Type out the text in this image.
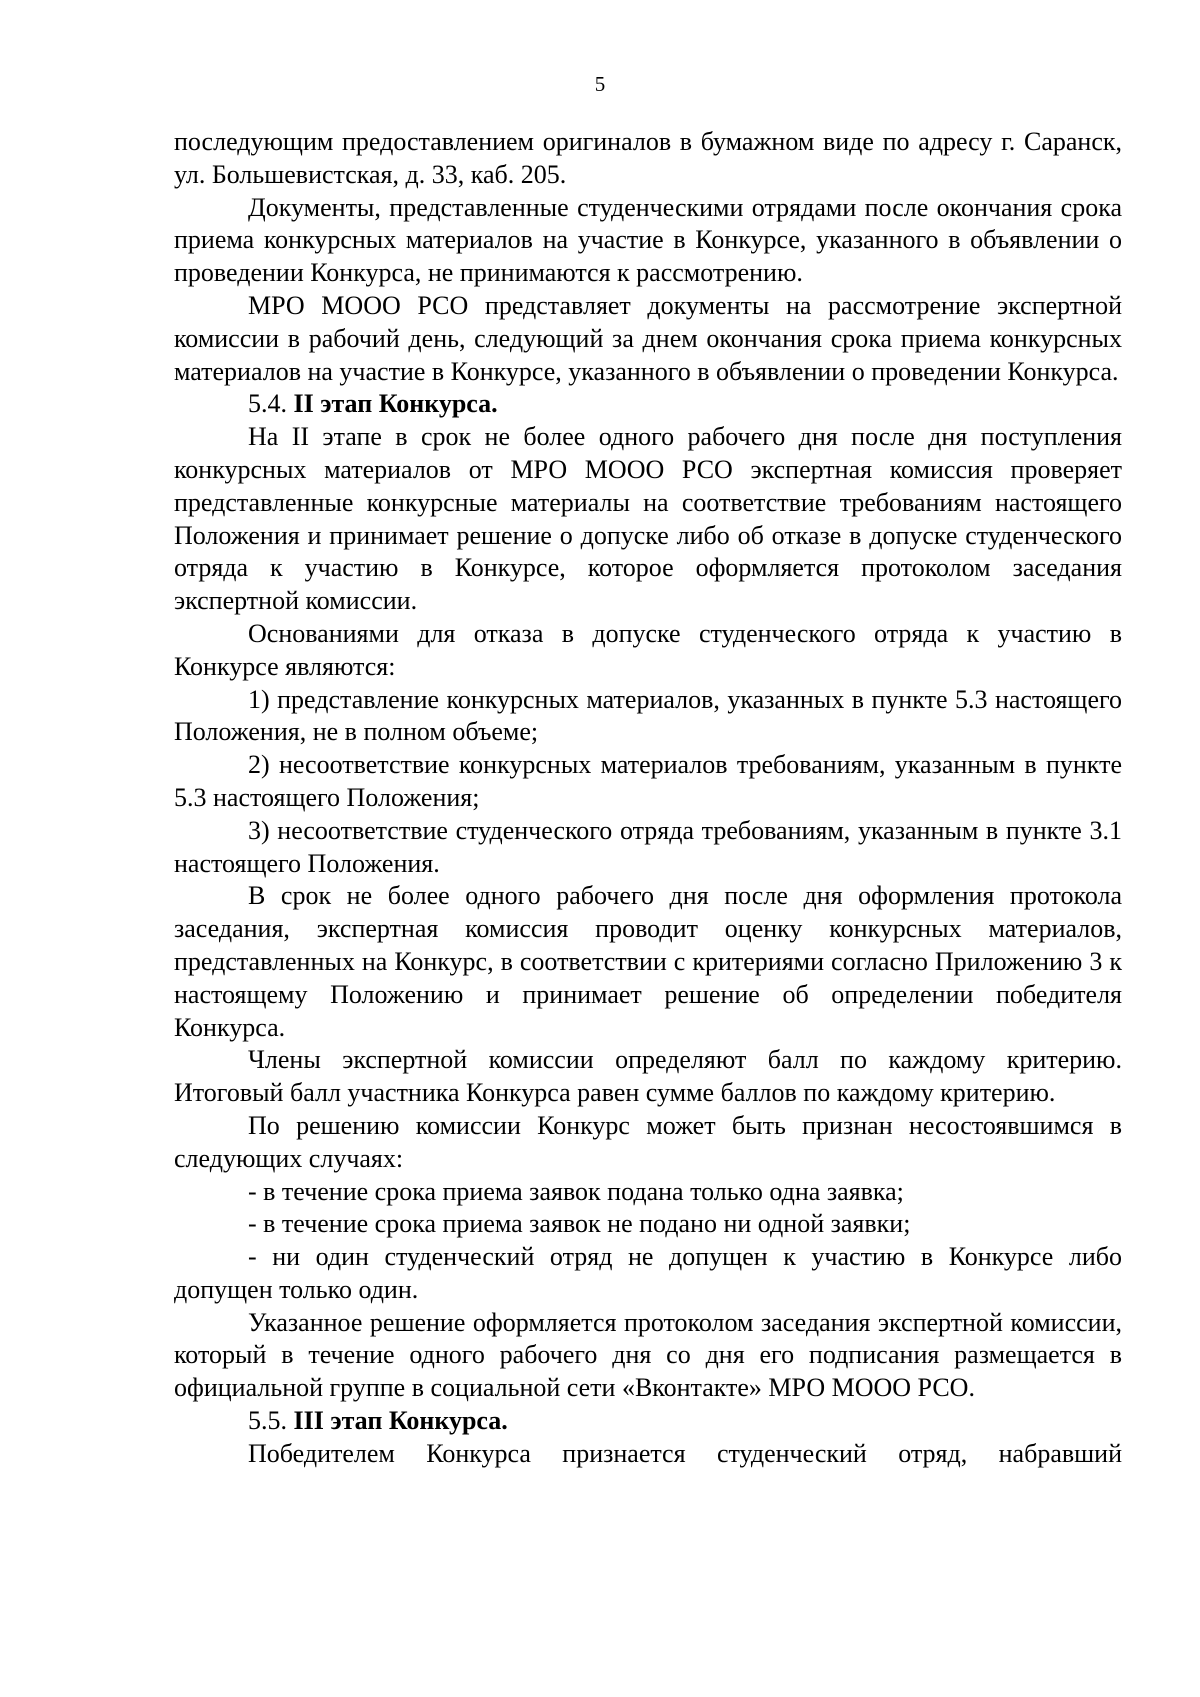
5

последующим предоставлением оригиналов в бумажном виде по адресу г. Саранск, ул. Большевистская, д. 33, каб. 205.

Документы, представленные студенческими отрядами после окончания срока приема конкурсных материалов на участие в Конкурсе, указанного в объявлении о проведении Конкурса, не принимаются к рассмотрению.

МРО МООО РСО представляет документы на рассмотрение экспертной комиссии в рабочий день, следующий за днем окончания срока приема конкурсных материалов на участие в Конкурсе, указанного в объявлении о проведении Конкурса.

5.4. II этап Конкурса.

На II этапе в срок не более одного рабочего дня после дня поступления конкурсных материалов от МРО МООО РСО экспертная комиссия проверяет представленные конкурсные материалы на соответствие требованиям настоящего Положения и принимает решение о допуске либо об отказе в допуске студенческого отряда к участию в Конкурсе, которое оформляется протоколом заседания экспертной комиссии.

Основаниями для отказа в допуске студенческого отряда к участию в Конкурсе являются:

1) представление конкурсных материалов, указанных в пункте 5.3 настоящего Положения, не в полном объеме;

2) несоответствие конкурсных материалов требованиям, указанным в пункте 5.3 настоящего Положения;

3) несоответствие студенческого отряда требованиям, указанным в пункте 3.1 настоящего Положения.

В срок не более одного рабочего дня после дня оформления протокола заседания, экспертная комиссия проводит оценку конкурсных материалов, представленных на Конкурс, в соответствии с критериями согласно Приложению 3 к настоящему Положению и принимает решение об определении победителя Конкурса.

Члены экспертной комиссии определяют балл по каждому критерию. Итоговый балл участника Конкурса равен сумме баллов по каждому критерию.

По решению комиссии Конкурс может быть признан несостоявшимся в следующих случаях:

- в течение срока приема заявок подана только одна заявка;

- в течение срока приема заявок не подано ни одной заявки;

- ни один студенческий отряд не допущен к участию в Конкурсе либо допущен только один.

Указанное решение оформляется протоколом заседания экспертной комиссии, который в течение одного рабочего дня со дня его подписания размещается в официальной группе в социальной сети «Вконтакте» МРО МООО РСО.

5.5. III этап Конкурса.

Победителем Конкурса признается студенческий отряд, набравший
